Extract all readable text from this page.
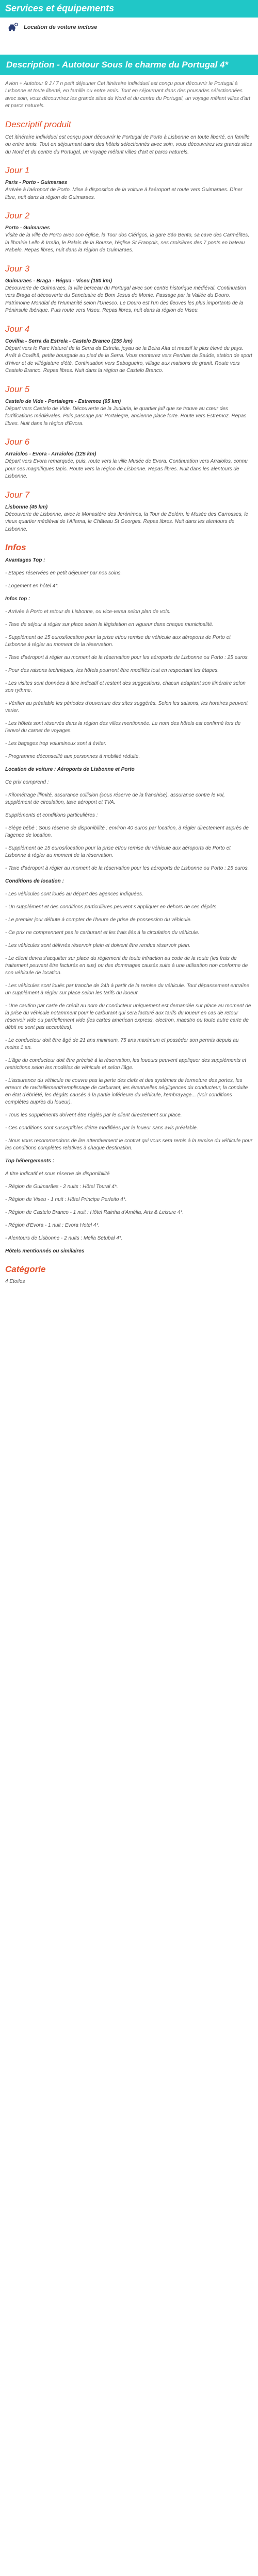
Services et équipements
Location de voiture incluse
Description - Autotour Sous le charme du Portugal 4*

Avion + Autotour 8 J / 7 n petit déjeuner Cet itinéraire individuel est conçu pour découvrir le Portugal à Lisbonne et toute liberté, en famille ou entre amis. Tout en séjournant dans des pousadas sélectionnées avec soin, vous découvrirez les grands sites du Nord et du centre du Portugal, un voyage mêlant villes d'art et parcs naturels.

Descriptif produit

Cet itinéraire individuel est conçu pour découvrir le Portugal de Porto à Lisbonne en toute liberté, en famille ou entre amis. Tout en séjournant dans des hôtels sélectionnés avec soin, vous découvrirez les grands sites du Nord et du centre du Portugal, un voyage mêlant villes d'art et parcs naturels.

Jour 1

Paris - Porto - Guimaraes

Arrivée à l'aéroport de Porto. Mise à disposition de la voiture à l'aéroport et route vers Guimaraes. Dîner libre, nuit dans la région de Guimaraes.

Jour 2

Porto - Guimaraes

Visite de la ville de Porto avec son église, la Tour dos Clérigos, la gare São Bento, sa cave des Carmélites, la librairie Lello & Irmão, le Palais de la Bourse, l'église St François, ses croisières des 7 ponts en bateau Rabelo. Repas libres, nuit dans la région de Guimaraes.

Jour 3

Guimaraes - Braga - Régua - Viseu (180 km)

Découverte de Guimaraes, la ville berceau du Portugal avec son centre historique médiéval. Continuation vers Braga et découverte du Sanctuaire de Bom Jesus do Monte. Passage par la Vallée du Douro. Patrimoine Mondial de l'Humanité selon l'Unesco. Le Douro est l'un des fleuves les plus importants de la Péninsule Ibérique. Puis route vers Viseu. Repas libres, nuit dans la région de Viseu.

Jour 4

Covilha - Serra da Estrela - Castelo Branco (155 km)

Départ vers le Parc Naturel de la Serra da Estrela, joyau de la Beira Alta et massif le plus élevé du pays. Arrêt à Covilhã, petite bourgade au pied de la Serra. Vous monterez vers Penhas da Saúde, station de sport d'hiver et de villégiature d'été. Continuation vers Sabugueiro, village aux maisons de granit. Route vers Castelo Branco. Repas libres. Nuit dans la région de Castelo Branco.

Jour 5

Castelo de Vide - Portalegre - Estremoz (95 km)

Départ vers Castelo de Vide. Découverte de la Judiaria, le quartier juif que se trouve au cœur des fortifications médiévales. Puis passage par Portalegre, ancienne place forte. Route vers Estremoz. Repas libres. Nuit dans la région d'Evora.

Jour 6

Arraiolos - Evora - Arraiolos (125 km)

Départ vers Evora remarquée, puis, route vers la ville Musée de Evora. Continuation vers Arraiolos, connu pour ses magnifiques tapis. Route vers la région de Lisbonne. Repas libres. Nuit dans les alentours de Lisbonne.

Jour 7

Lisbonne (45 km)

Découverte de Lisbonne, avec le Monastère des Jerónimos, la Tour de Belém, le Musée des Carrosses, le vieux quartier médiéval de l'Alfama, le Château St Georges. Repas libres. Nuit dans les alentours de Lisbonne.

Infos

Avantages Top :

- Etapes réservées en petit déjeuner par nos soins.

- Logement en hôtel 4*.

Infos top :

- Arrivée à Porto et retour de Lisbonne, ou vice-versa selon plan de vols.

- Taxe de séjour à régler sur place selon la législation en vigueur dans chaque municipalité.

- Supplément de 15 euros/location pour la prise et/ou remise du véhicule aux aéroports de Porto et Lisbonne à régler au moment de la réservation.

- Taxe d'aéroport à régler au moment de la réservation pour les aéroports de Lisbonne ou Porto : 25 euros.

- Pour des raisons techniques, les hôtels pourront être modifiés tout en respectant les étapes.

- Les visites sont données à titre indicatif et restent des suggestions, chacun adaptant son itinéraire selon son rythme.

- Vérifier au préalable les périodes d'ouverture des sites suggérés. Selon les saisons, les horaires peuvent varier.

- Les hôtels sont réservés dans la région des villes mentionnée. Le nom des hôtels est confirmé lors de l'envoi du carnet de voyages.

- Les bagages trop volumineux sont à éviter.

- Programme déconseillé aux personnes à mobilité réduite.

Location de voiture : Aéroports de Lisbonne et Porto

Ce prix comprend :

- Kilométrage illimité, assurance collision (sous réserve de la franchise), assurance contre le vol, supplément de circulation, taxe aéroport et TVA.

Suppléments et conditions particulières :

- Siège bébé : Sous réserve de disponibilité : environ 40 euros par location, à régler directement auprès de l'agence de location.

- Supplément de 15 euros/location pour la prise et/ou remise du véhicule aux aéroports de Porto et Lisbonne à régler au moment de la réservation.

- Taxe d'aéroport à régler au moment de la réservation pour les aéroports de Lisbonne ou Porto : 25 euros.

Conditions de location :

- Les véhicules sont loués au départ des agences indiquées.

- Un supplément et des conditions particulières peuvent s'appliquer en dehors de ces dépôts.

- Le premier jour débute à compter de l'heure de prise de possession du véhicule.

- Ce prix ne comprennent pas le carburant et les frais liés à la circulation du véhicule.

- Les véhicules sont délivrés réservoir plein et doivent être rendus réservoir plein.

- Le client devra s'acquitter sur place du règlement de toute infraction au code de la route (les frais de traitement peuvent être facturés en sus) ou des dommages causés suite à une utilisation non conforme de son véhicule de location.

- Les véhicules sont loués par tranche de 24h à partir de la remise du véhicule. Tout dépassement entraîne un supplément à régler sur place selon les tarifs du loueur.

- Une caution par carte de crédit au nom du conducteur uniquement est demandée sur place au moment de la prise du véhicule notamment pour le carburant qui sera facturé aux tarifs du loueur en cas de retour réservoir vide ou partiellement vide (les cartes american express, electron, maestro ou toute autre carte de débit ne sont pas acceptées).

- Le conducteur doit être âgé de 21 ans minimum, 75 ans maximum et posséder son permis depuis au moins 1 an.

- L'âge du conducteur doit être précisé à la réservation, les loueurs peuvent appliquer des suppléments et restrictions selon les modèles de véhicule et selon l'âge.

- L'assurance du véhicule ne couvre pas la perte des clefs et des systèmes de fermeture des portes, les erreurs de ravitaillement/remplissage de carburant, les éventuelles négligences du conducteur, la conduite en état d'ébriété, les dégâts causés à la partie inférieure du véhicule, l'embrayage... (voir conditions complètes auprès du loueur).

- Tous les suppléments doivent être réglés par le client directement sur place.

- Ces conditions sont susceptibles d'être modifiées par le loueur sans avis préalable.

- Nous vous recommandons de lire attentivement le contrat qui vous sera remis à la remise du véhicule pour les conditions complètes relatives à chaque destination.

Top hébergements :

A titre indicatif et sous réserve de disponibilité

- Région de Guimarães - 2 nuits : Hôtel Toural 4*.

- Région de Viseu - 1 nuit : Hôtel Principe Perfeito 4*.

- Région de Castelo Branco - 1 nuit : Hôtel Rainha d'Amélia, Arts & Leisure 4*.

- Région d'Evora - 1 nuit : Evora Hotel 4*.

- Alentours de Lisbonne - 2 nuits : Melia Setubal 4*.

Hôtels mentionnés ou similaires

Catégorie

4 Etoiles
